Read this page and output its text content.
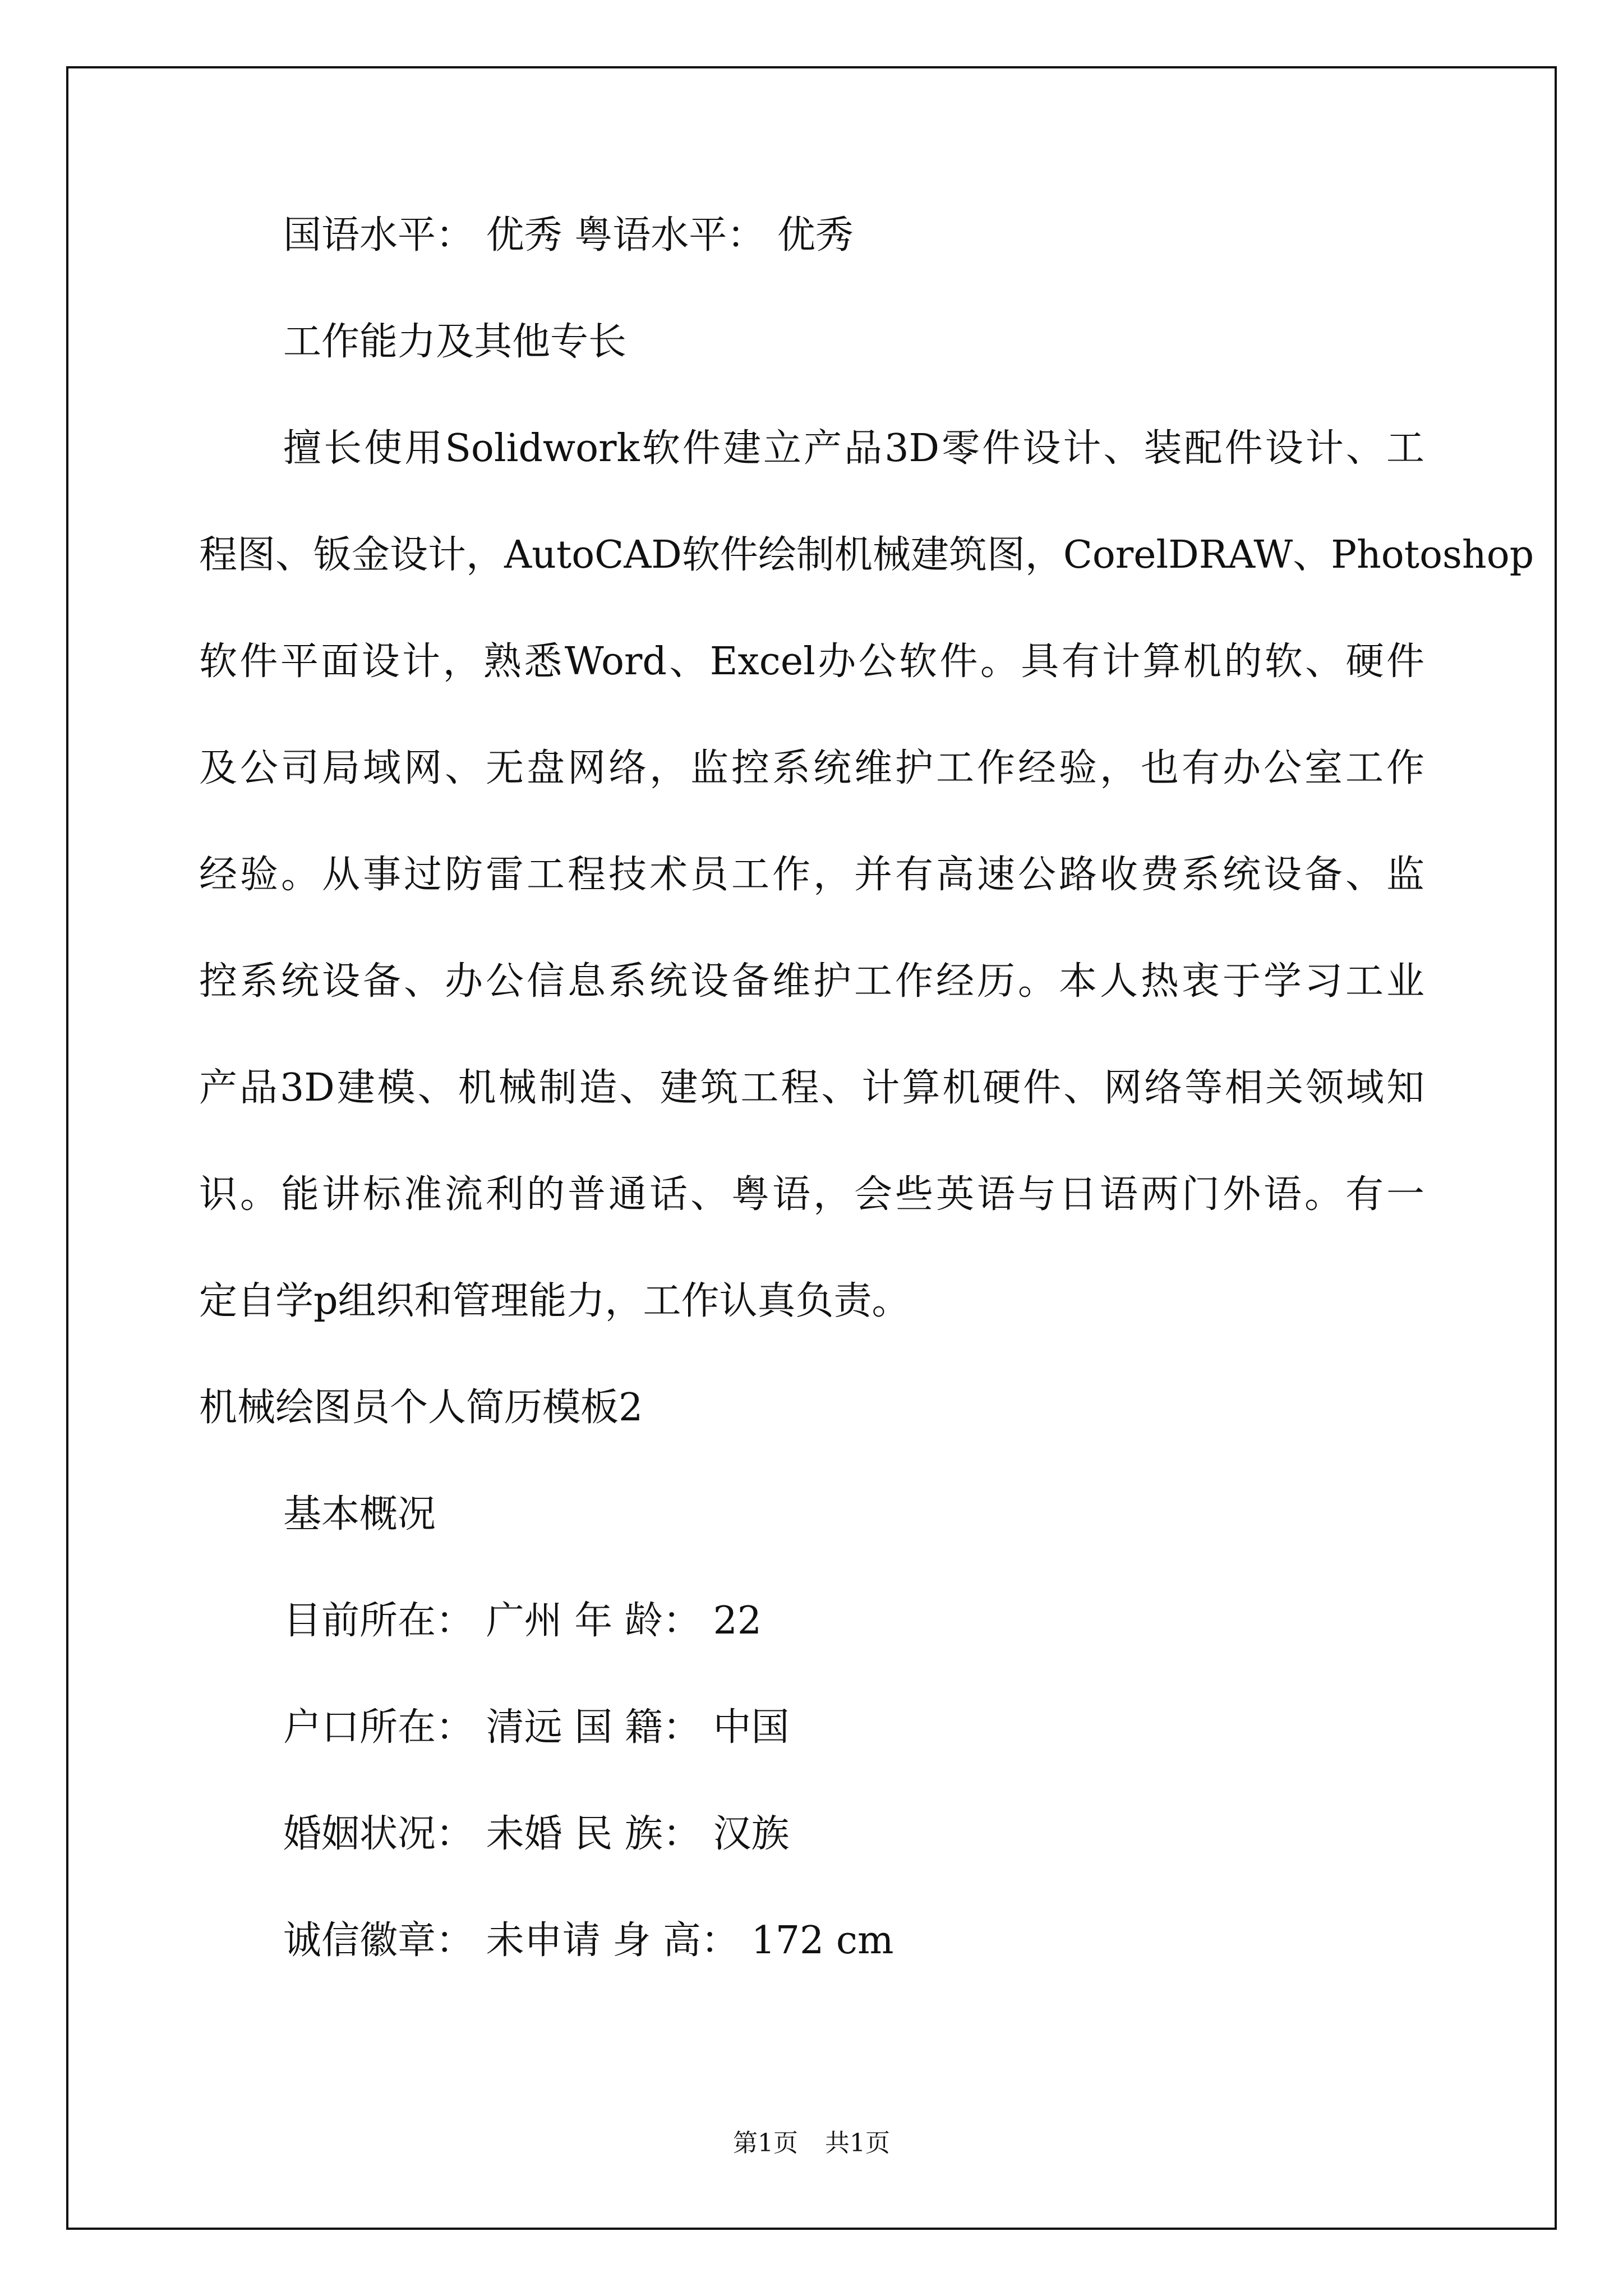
国语水平： 优秀 粤语水平： 优秀
工作能力及其他专长
擅长使用Solidwork软件建立产品3D零件设计、装配件设计、工
程图、钣金设计，AutoCAD软件绘制机械建筑图，CorelDRAW、Photoshop
软件平面设计，熟悉Word、Excel办公软件。具有计算机的软、硬件
及公司局域网、无盘网络，监控系统维护工作经验，也有办公室工作
经验。从事过防雷工程技术员工作，并有高速公路收费系统设备、监
控系统设备、办公信息系统设备维护工作经历。本人热衷于学习工业
产品3D建模、机械制造、建筑工程、计算机硬件、网络等相关领域知
识。能讲标准流利的普通话、粤语，会些英语与日语两门外语。有一
定自学p组织和管理能力，工作认真负责。
机械绘图员个人简历模板2
基本概况
目前所在： 广州 年 龄： 22
户口所在： 清远 国 籍： 中国
婚姻状况： 未婚 民 族： 汉族
诚信徽章： 未申请 身 高： 172 cm
第1页 共1页
